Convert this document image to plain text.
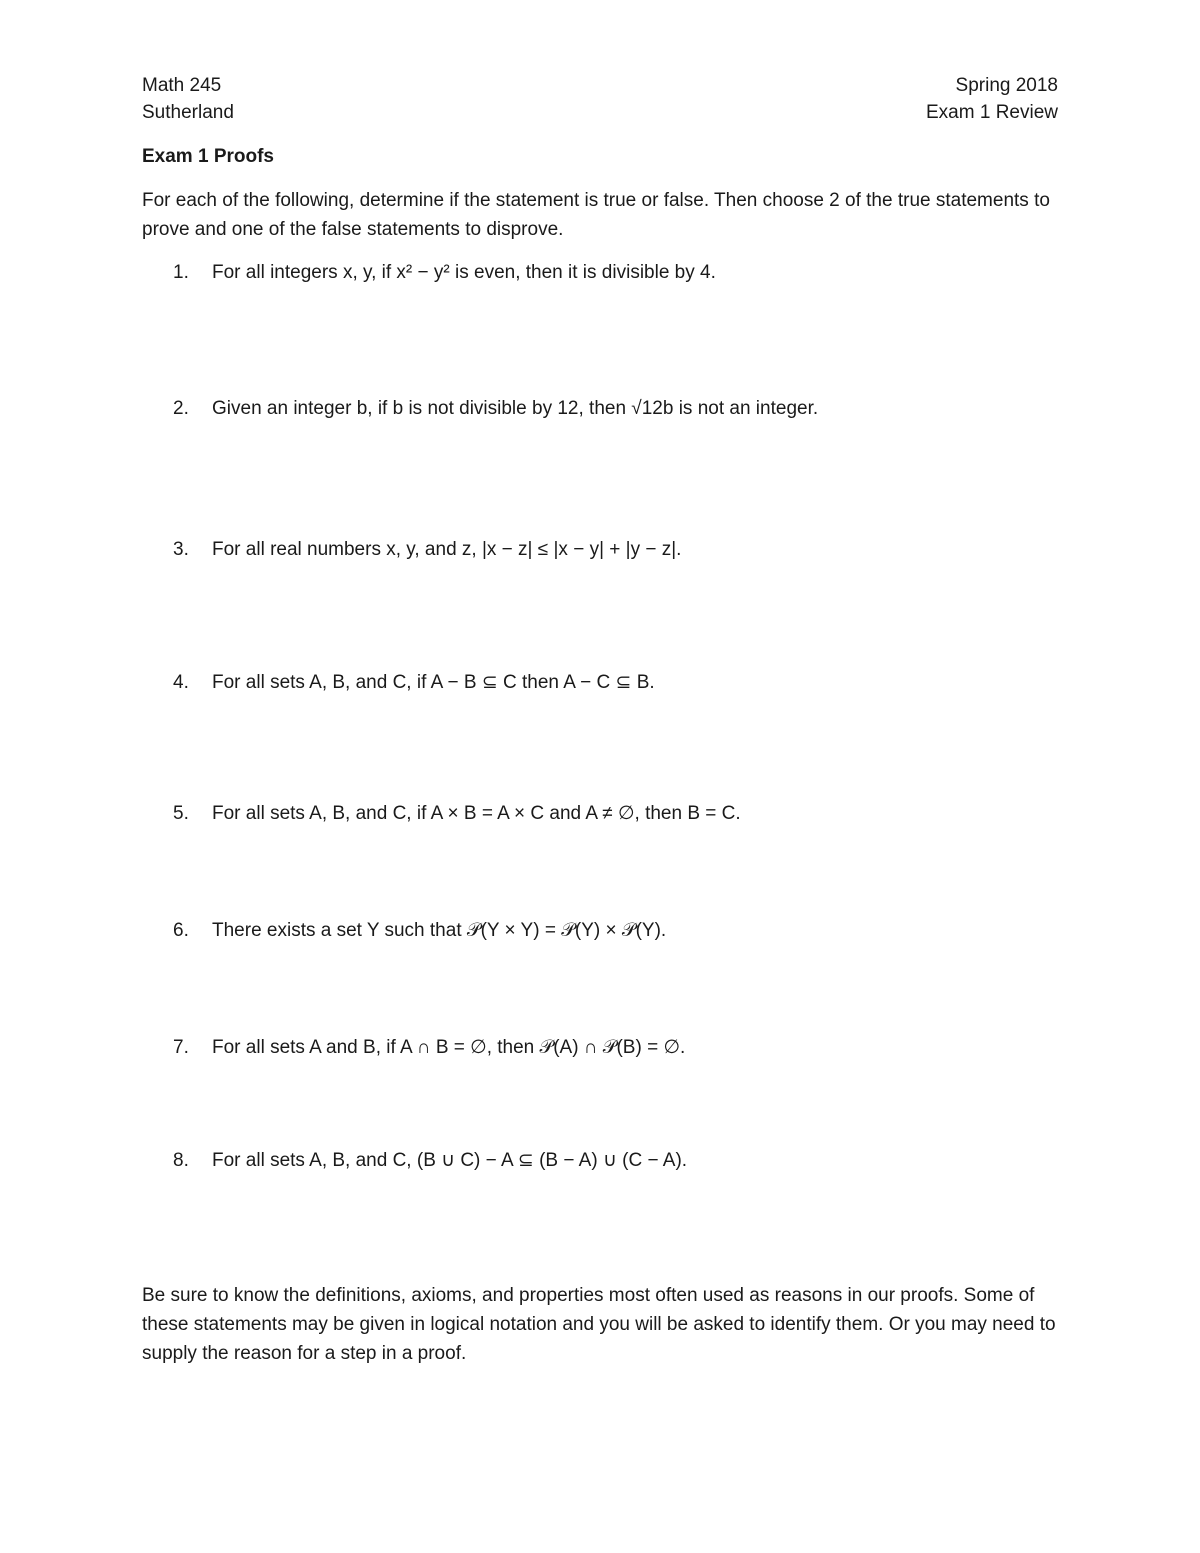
Math 245
Sutherland
Spring 2018
Exam 1 Review
Exam 1 Proofs
For each of the following, determine if the statement is true or false. Then choose 2 of the true statements to prove and one of the false statements to disprove.
1. For all integers x, y, if x² − y² is even, then it is divisible by 4.
2. Given an integer b, if b is not divisible by 12, then √12b is not an integer.
3. For all real numbers x, y, and z, |x − z| ≤ |x − y| + |y − z|.
4. For all sets A, B, and C, if A − B ⊆ C then A − C ⊆ B.
5. For all sets A, B, and C, if A × B = A × C and A ≠ ∅, then B = C.
6. There exists a set Y such that 𝒫(Y × Y) = 𝒫(Y) × 𝒫(Y).
7. For all sets A and B, if A ∩ B = ∅, then 𝒫(A) ∩ 𝒫(B) = ∅.
8. For all sets A, B, and C, (B ∪ C) − A ⊆ (B − A) ∪ (C − A).
Be sure to know the definitions, axioms, and properties most often used as reasons in our proofs. Some of these statements may be given in logical notation and you will be asked to identify them. Or you may need to supply the reason for a step in a proof.
